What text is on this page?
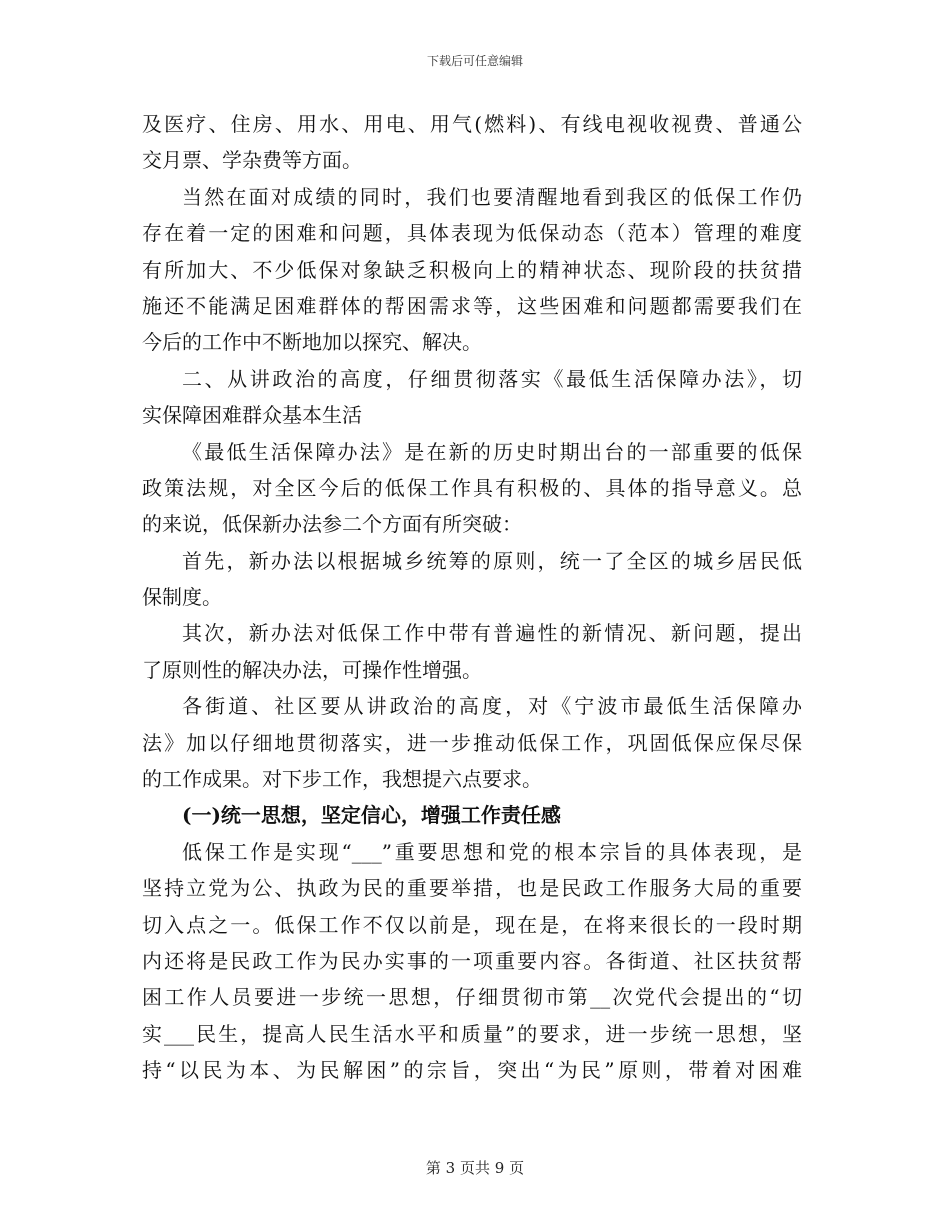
下载后可任意编辑
及医疗、住房、用水、用电、用气(燃料)、有线电视收视费、普通公
交月票、学杂费等方面。
当然在面对成绩的同时，我们也要清醒地看到我区的低保工作仍
存在着一定的困难和问题，具体表现为低保动态（范本）管理的难度
有所加大、不少低保对象缺乏积极向上的精神状态、现阶段的扶贫措
施还不能满足困难群体的帮困需求等，这些困难和问题都需要我们在
今后的工作中不断地加以探究、解决。
二、从讲政治的高度，仔细贯彻落实《最低生活保障办法》，切
实保障困难群众基本生活
《最低生活保障办法》是在新的历史时期出台的一部重要的低保
政策法规，对全区今后的低保工作具有积极的、具体的指导意义。总
的来说，低保新办法参二个方面有所突破：
首先，新办法以根据城乡统筹的原则，统一了全区的城乡居民低
保制度。
其次，新办法对低保工作中带有普遍性的新情况、新问题，提出
了原则性的解决办法，可操作性增强。
各街道、社区要从讲政治的高度，对《宁波市最低生活保障办
法》加以仔细地贯彻落实，进一步推动低保工作，巩固低保应保尽保
的工作成果。对下步工作，我想提六点要求。
(一)统一思想，坚定信心，增强工作责任感
低保工作是实现“___”重要思想和党的根本宗旨的具体表现，是
坚持立党为公、执政为民的重要举措，也是民政工作服务大局的重要
切入点之一。低保工作不仅以前是，现在是，在将来很长的一段时期
内还将是民政工作为民办实事的一项重要内容。各街道、社区扶贫帮
困工作人员要进一步统一思想，仔细贯彻市第__次党代会提出的“切
实___民生，提高人民生活水平和质量”的要求，进一步统一思想，坚
持“以民为本、为民解困”的宗旨，突出“为民”原则，带着对困难
第 3 页共 9 页
